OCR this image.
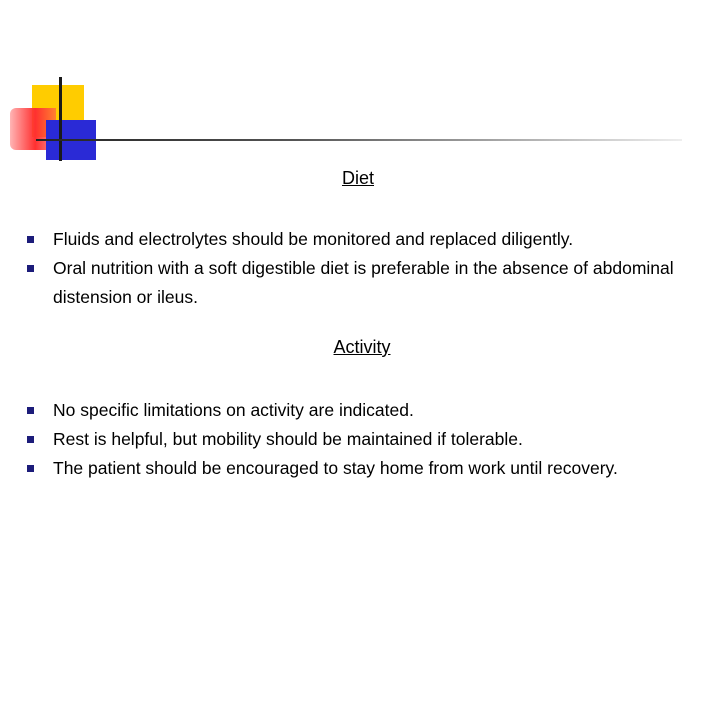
Diet
Fluids and electrolytes should be monitored and replaced diligently.
Oral nutrition with a soft digestible diet is preferable in the absence of abdominal distension or ileus.
Activity
No specific limitations on activity are indicated.
Rest is helpful, but mobility should be maintained if tolerable.
The patient should be encouraged to stay home from work until recovery.
